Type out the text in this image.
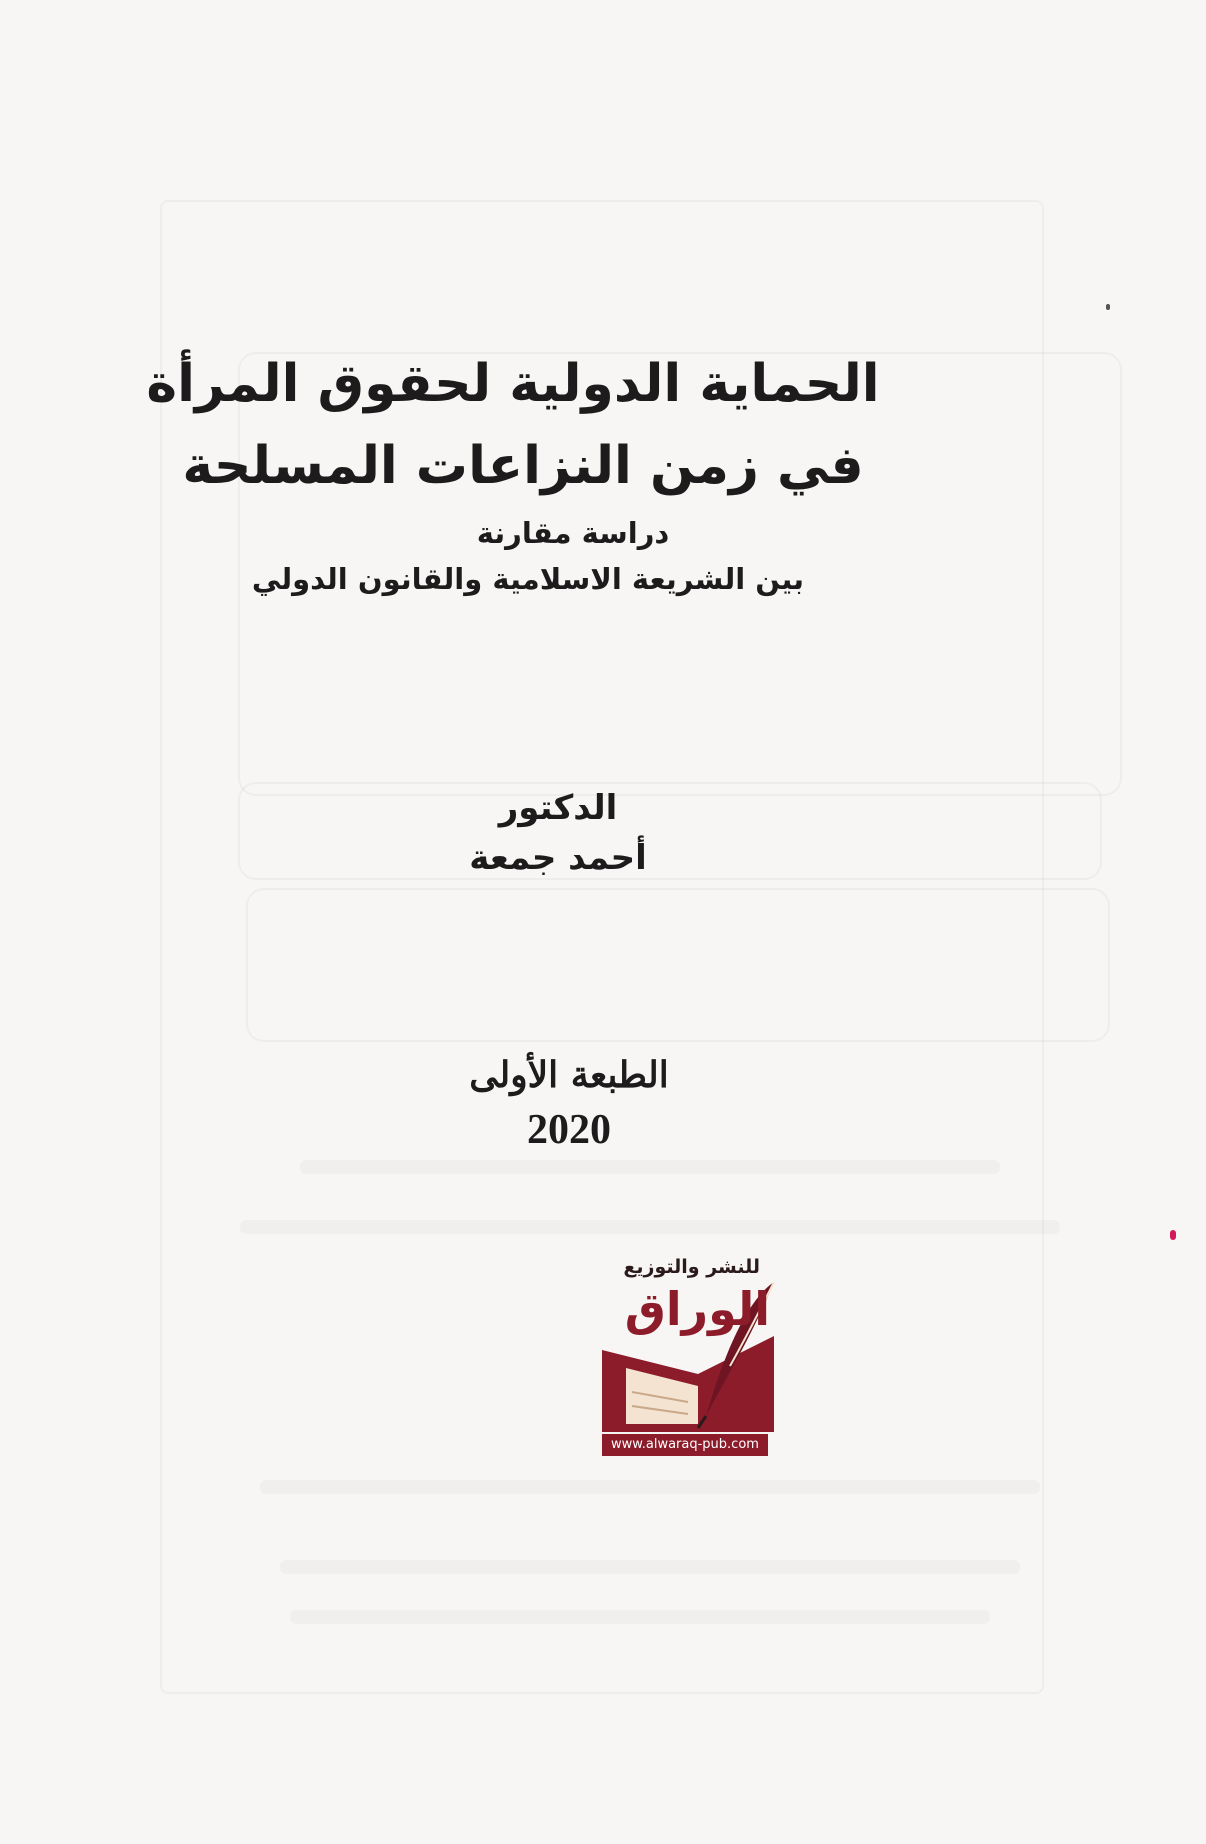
الحماية الدولية لحقوق المرأة
في زمن النزاعات المسلحة
دراسة مقارنة
بين الشريعة الاسلامية والقانون الدولي
الدكتور
أحمد جمعة
الطبعة الأولى
2020
للنشر والتوزيع
الوراق
www.alwaraq-pub.com
